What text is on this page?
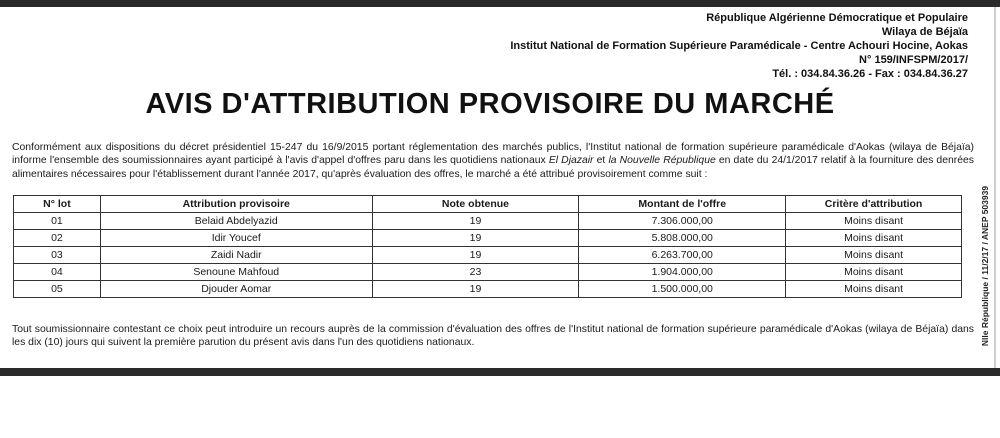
République Algérienne Démocratique et Populaire
Wilaya de Béjaïa
Institut National de Formation Supérieure Paramédicale - Centre Achouri Hocine, Aokas
N° 159/INFSPM/2017/
Tél. : 034.84.36.26 - Fax : 034.84.36.27
AVIS D'ATTRIBUTION PROVISOIRE DU MARCHÉ
Conformément aux dispositions du décret présidentiel 15-247 du 16/9/2015 portant réglementation des marchés publics, l'Institut national de formation supérieure paramédicale d'Aokas (wilaya de Béjaïa) informe l'ensemble des soumissionnaires ayant participé à l'avis d'appel d'offres paru dans les quotidiens nationaux El Djazair et la Nouvelle République en date du 24/1/2017 relatif à la fourniture des denrées alimentaires nécessaires pour l'établissement durant l'année 2017, qu'après évaluation des offres, le marché a été attribué provisoirement comme suit :
N° lot	Attribution provisoire	Note obtenue	Montant de l'offre	Critère d'attribution
01	Belaid Abdelyazid	19	7.306.000,00	Moins disant
02	Idir Youcef	19	5.808.000,00	Moins disant
03	Zaidi Nadir	19	6.263.700,00	Moins disant
04	Senoune Mahfoud	23	1.904.000,00	Moins disant
05	Djouder Aomar	19	1.500.000,00	Moins disant
Tout soumissionnaire contestant ce choix peut introduire un recours auprès de la commission d'évaluation des offres de l'Institut national de formation supérieure paramédicale d'Aokas (wilaya de Béjaïa) dans les dix (10) jours qui suivent la première parution du présent avis dans l'un des quotidiens nationaux.	Nlle République / 11/2/17 / ANEP 503939
